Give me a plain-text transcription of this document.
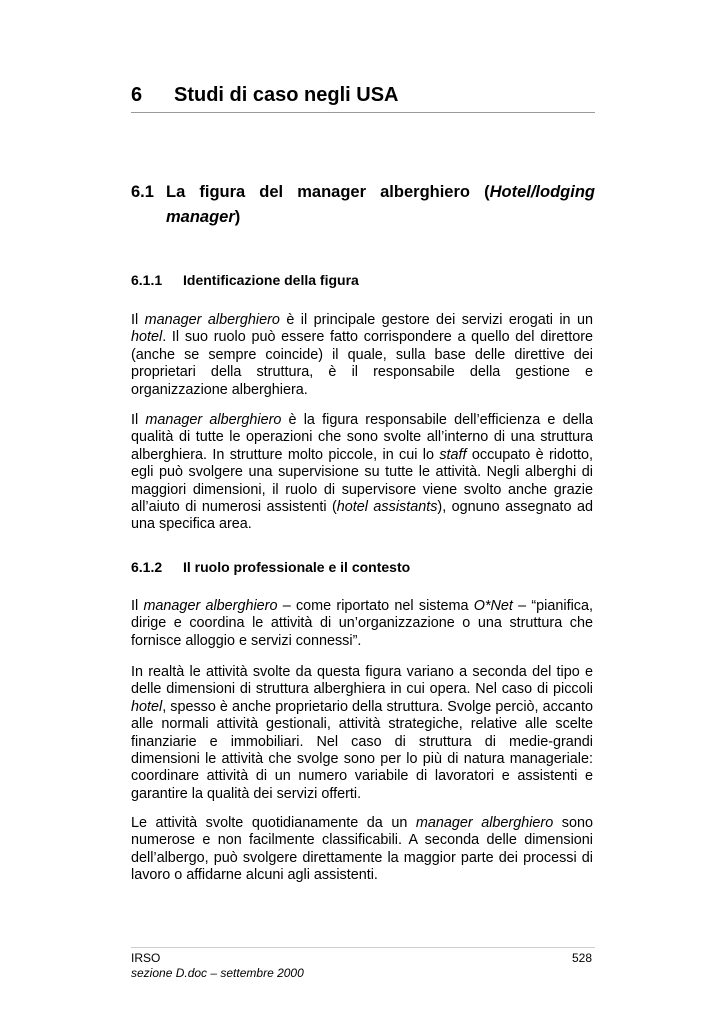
6 Studi di caso negli USA
6.1 La figura del manager alberghiero (Hotel/lodging manager)
6.1.1 Identificazione della figura

Il manager alberghiero è il principale gestore dei servizi erogati in un hotel. Il suo ruolo può essere fatto corrispondere a quello del direttore (anche se sempre coincide) il quale, sulla base delle direttive dei proprietari della struttura, è il responsabile della gestione e organizzazione alberghiera.

Il manager alberghiero è la figura responsabile dell’efficienza e della qualità di tutte le operazioni che sono svolte all’interno di una struttura alberghiera. In strutture molto piccole, in cui lo staff occupato è ridotto, egli può svolgere una supervisione su tutte le attività. Negli alberghi di maggiori dimensioni, il ruolo di supervisore viene svolto anche grazie all’aiuto di numerosi assistenti (hotel assistants), ognuno assegnato ad una specifica area.

6.1.2 Il ruolo professionale e il contesto

Il manager alberghiero – come riportato nel sistema O*Net – “pianifica, dirige e coordina le attività di un’organizzazione o una struttura che fornisce alloggio e servizi connessi”.

In realtà le attività svolte da questa figura variano a seconda del tipo e delle dimensioni di struttura alberghiera in cui opera. Nel caso di piccoli hotel, spesso è anche proprietario della struttura. Svolge perciò, accanto alle normali attività gestionali, attività strategiche, relative alle scelte finanziarie e immobiliari. Nel caso di struttura di medie-grandi dimensioni le attività che svolge sono per lo più di natura manageriale: coordinare attività di un numero variabile di lavoratori e assistenti e garantire la qualità dei servizi offerti.

Le attività svolte quotidianamente da un manager alberghiero sono numerose e non facilmente classificabili. A seconda delle dimensioni dell’albergo, può svolgere direttamente la maggior parte dei processi di lavoro o affidarne alcuni agli assistenti.

IRSO
sezione D.doc – settembre 2000
528
